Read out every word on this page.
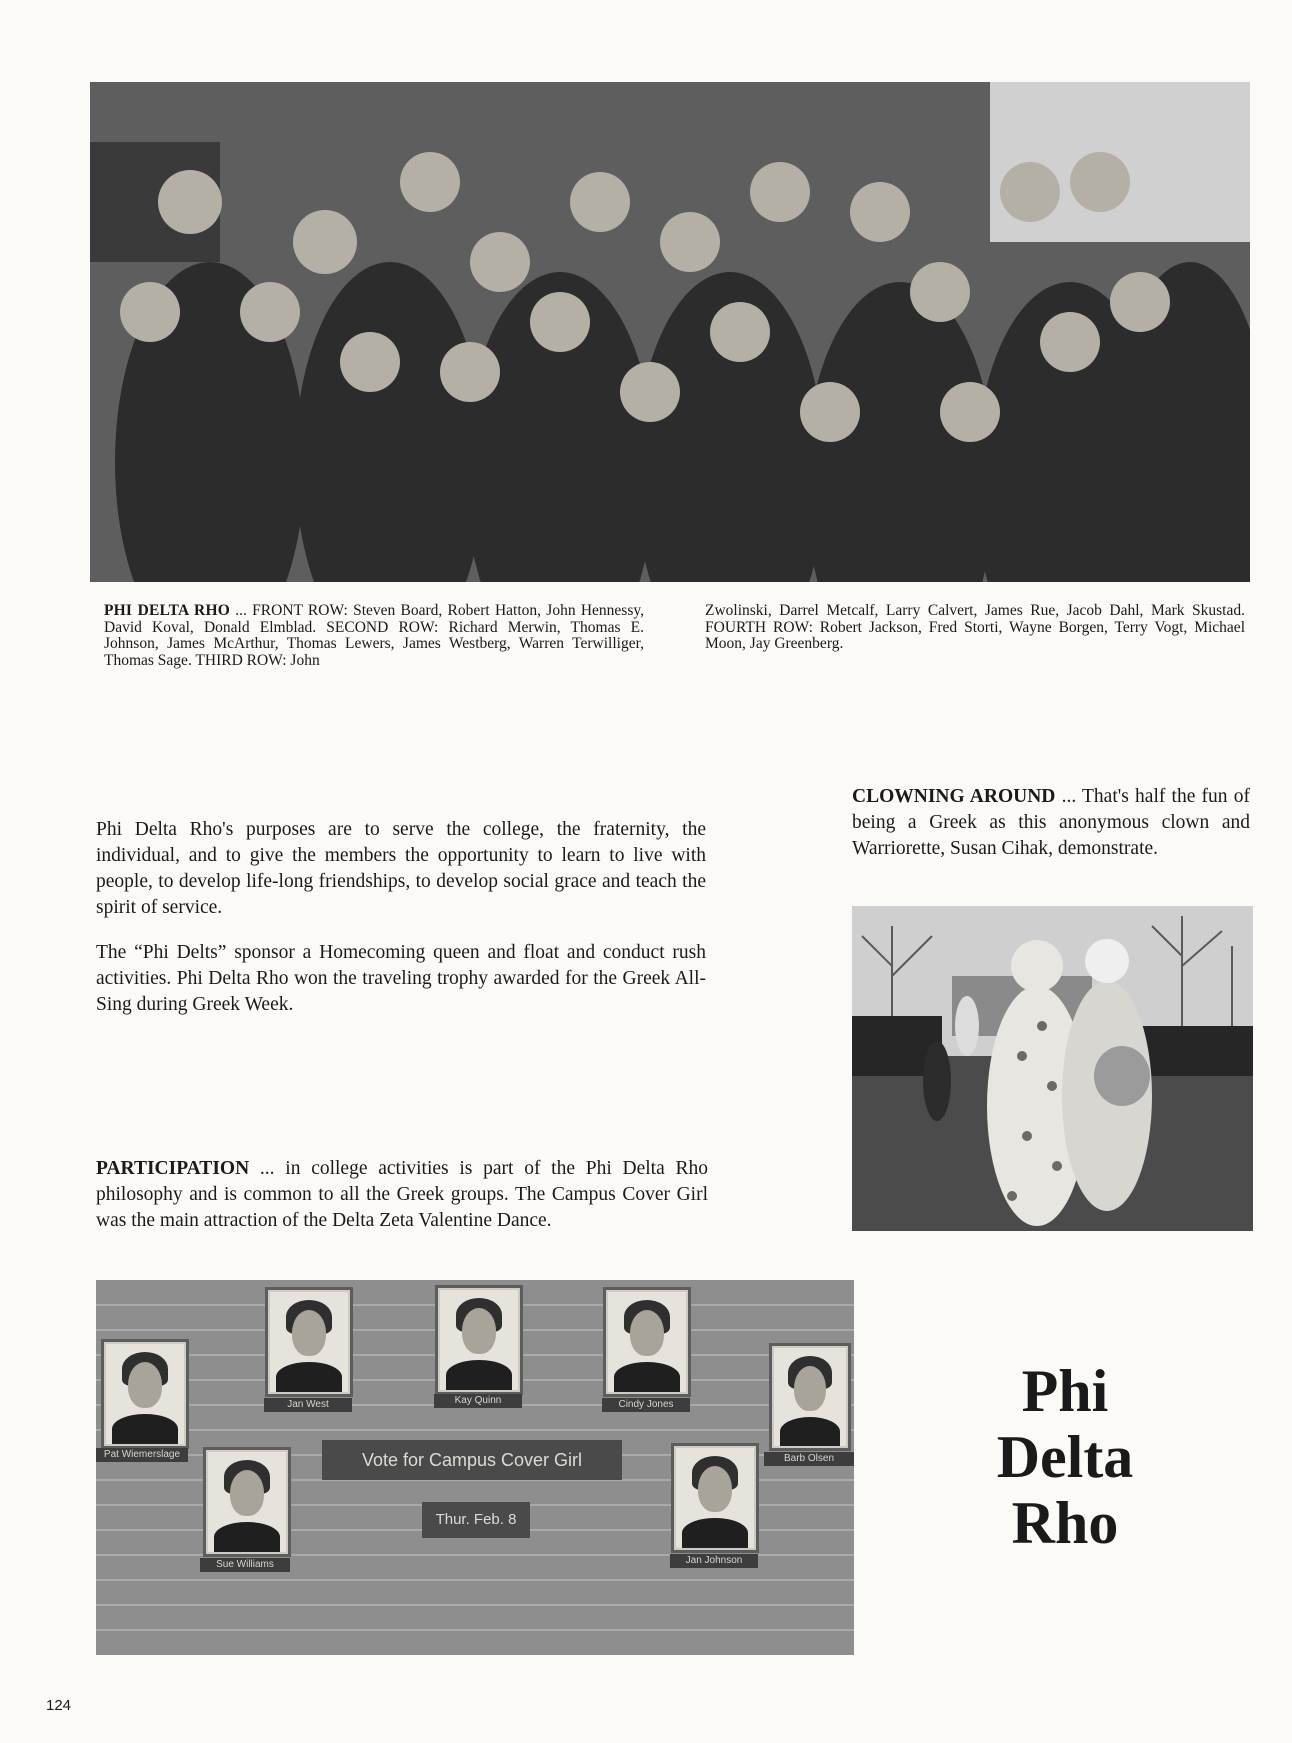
PHI DELTA RHO ... FRONT ROW: Steven Board, Robert Hatton, John Hennessy, David Koval, Donald Elmblad. SECOND ROW: Richard Merwin, Thomas E. Johnson, James McArthur, Thomas Lewers, James Westberg, Warren Terwilliger, Thomas Sage. THIRD ROW: John
Zwolinski, Darrel Metcalf, Larry Calvert, James Rue, Jacob Dahl, Mark Skustad. FOURTH ROW: Robert Jackson, Fred Storti, Wayne Borgen, Terry Vogt, Michael Moon, Jay Greenberg.
Phi Delta Rho's purposes are to serve the college, the fraternity, the individual, and to give the members the opportunity to learn to live with people, to develop life-long friendships, to develop social grace and teach the spirit of service.
The “Phi Delts” sponsor a Homecoming queen and float and conduct rush activities. Phi Delta Rho won the traveling trophy awarded for the Greek All-Sing during Greek Week.
CLOWNING AROUND ... That's half the fun of being a Greek as this anonymous clown and Warriorette, Susan Cihak, demonstrate.
PARTICIPATION ... in college activities is part of the Phi Delta Rho philosophy and is common to all the Greek groups. The Campus Cover Girl was the main attraction of the Delta Zeta Valentine Dance.
Pat Wiemerslage
Jan West	Kay Quinn	Cindy Jones
Barb Olsen
Sue Williams	Jan Johnson
Vote for Campus Cover Girl
Thur. Feb. 8
Phi
Delta
Rho
124
